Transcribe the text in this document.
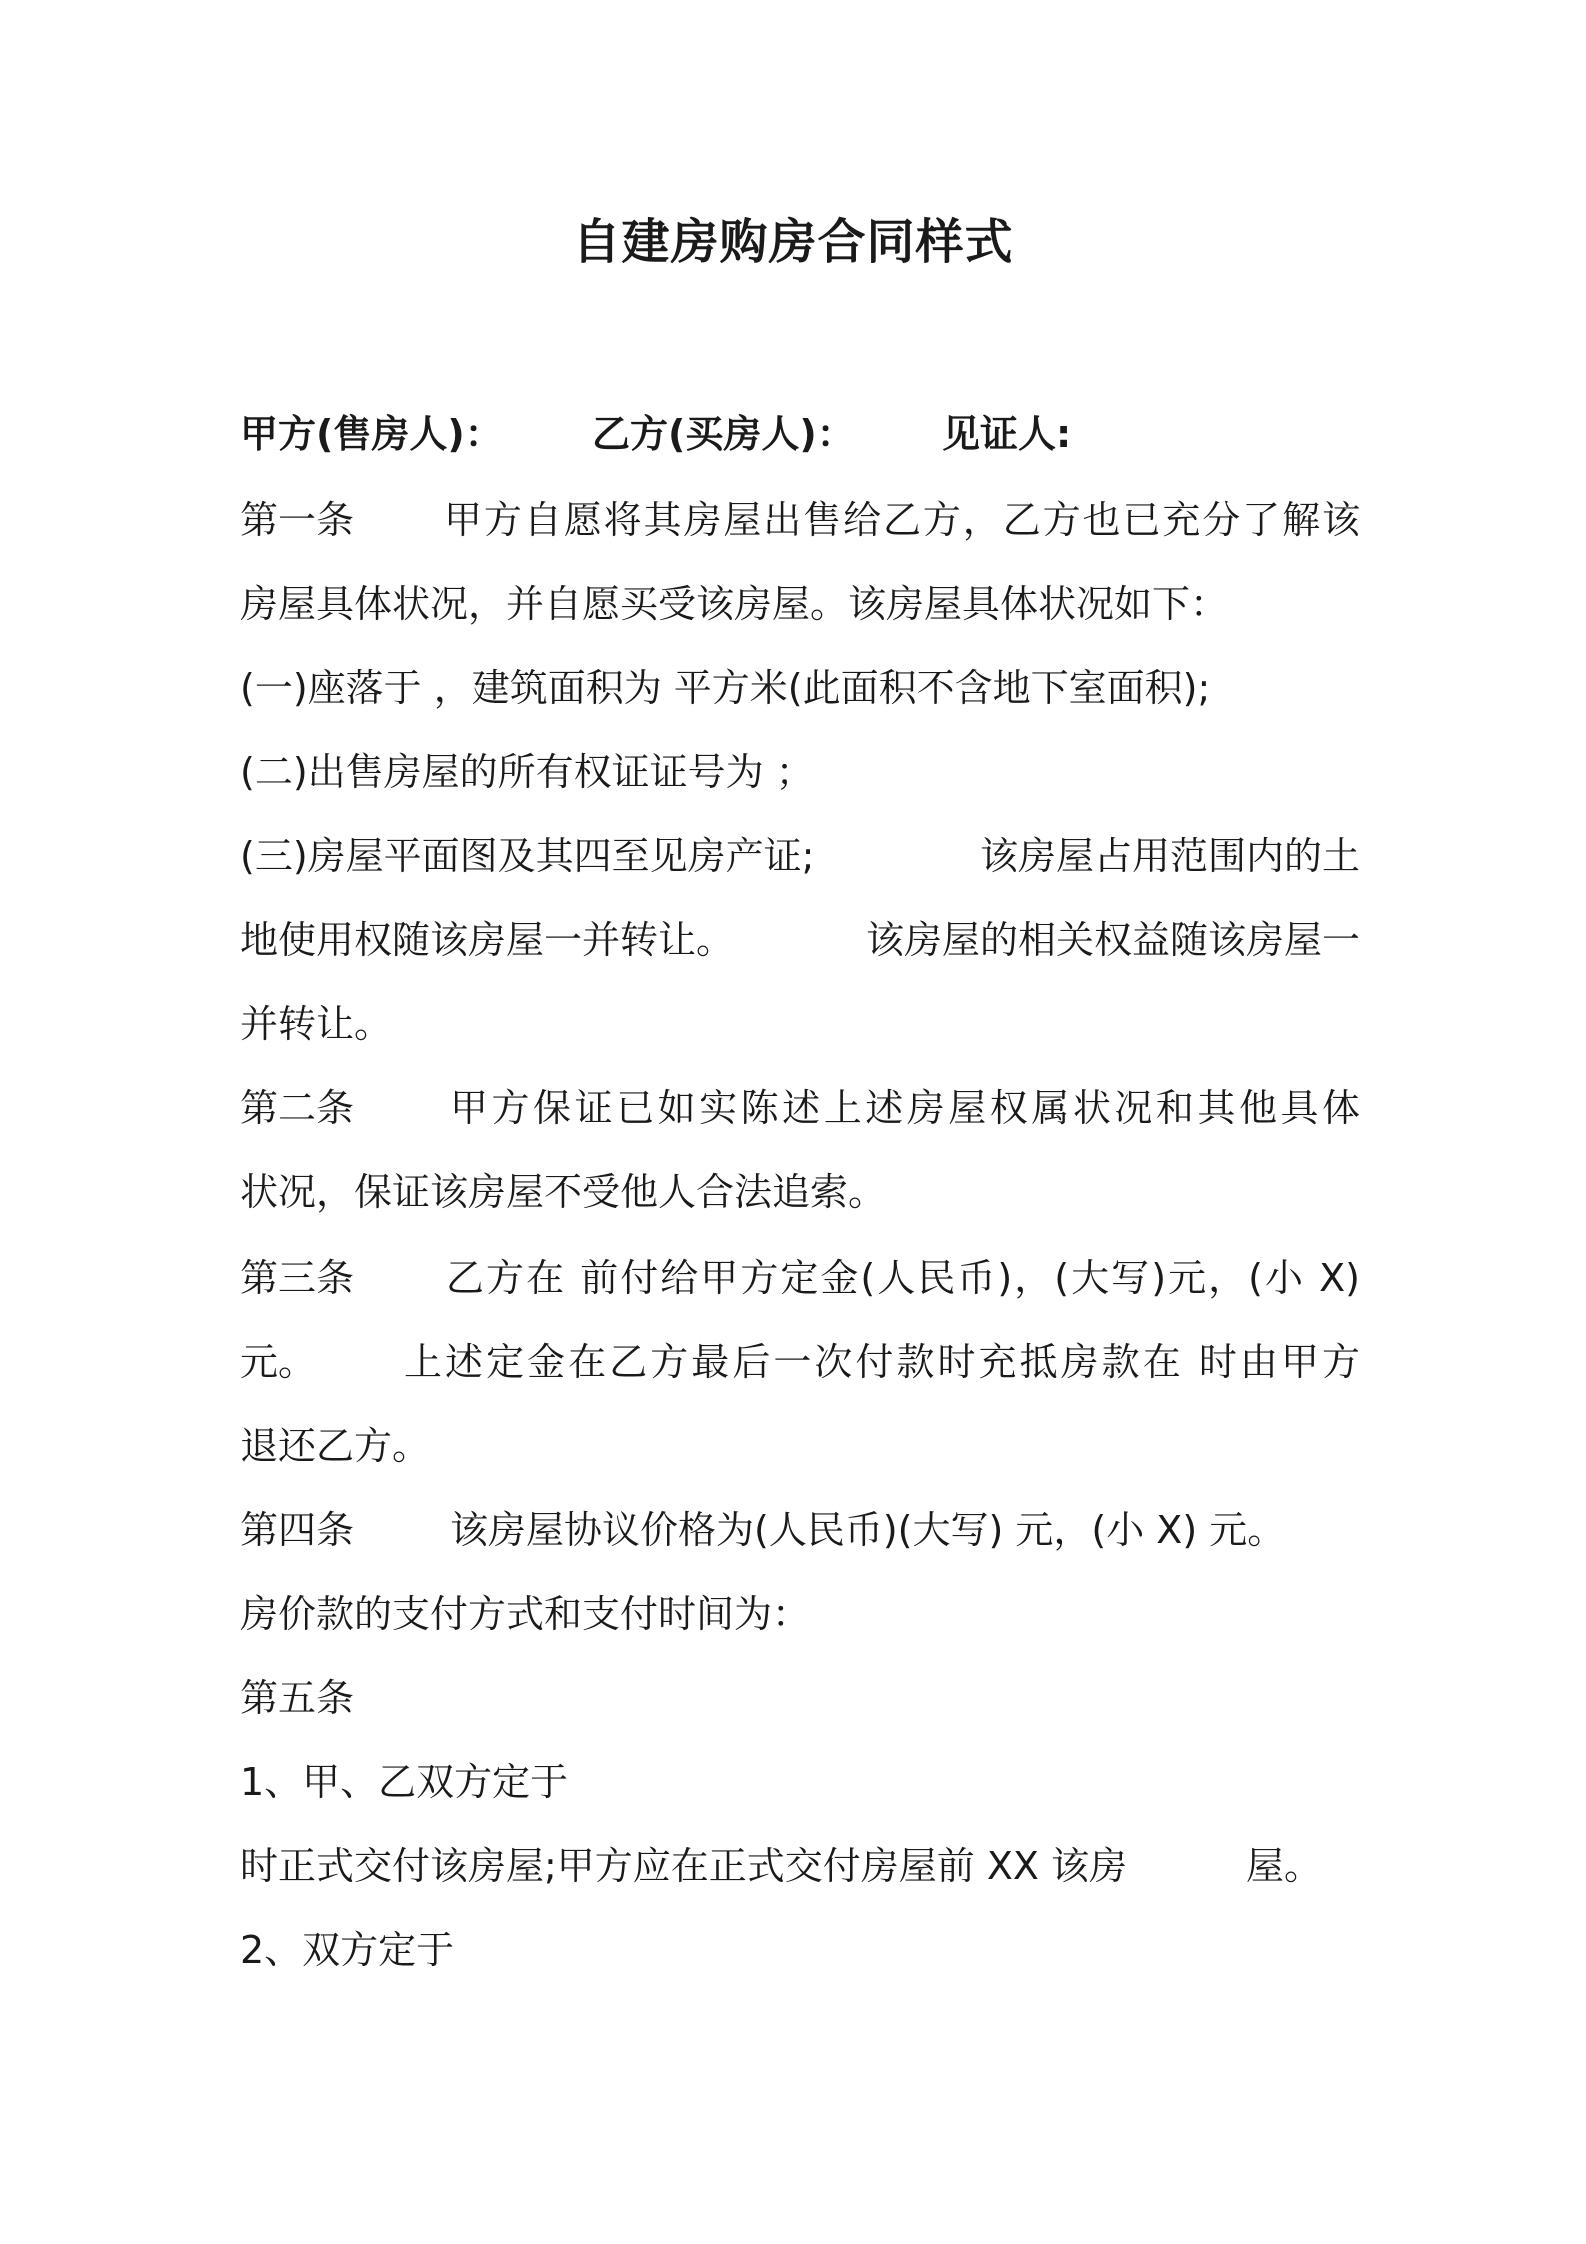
自建房购房合同样式
甲方(售房人)： 乙方(买房人)： 见证人:
第一条 甲方自愿将其房屋出售给乙方，乙方也已充分了解该
房屋具体状况，并自愿买受该房屋。该房屋具体状况如下：
(一)座落于 ，建筑面积为 平方米(此面积不含地下室面积);
(二)出售房屋的所有权证证号为 ；
(三)房屋平面图及其四至见房产证;	该房屋占用范围内的土
地使用权随该房屋一并转让。	该房屋的相关权益随该房屋一
并转让。
第二条	甲方保证已如实陈述上述房屋权属状况和其他具体
状况，保证该房屋不受他人合法追索。
第三条 乙方在 前付给甲方定金(人民币)，(大写)元，(小 X)
元。 上述定金在乙方最后一次付款时充抵房款在 时由甲方
退还乙方。
第四条	该房屋协议价格为(人民币)(大写) 元，(小 X) 元。
房价款的支付方式和支付时间为：
第五条
1、甲、乙双方定于
时正式交付该房屋;甲方应在正式交付房屋前 XX 该房	屋。
2、双方定于
